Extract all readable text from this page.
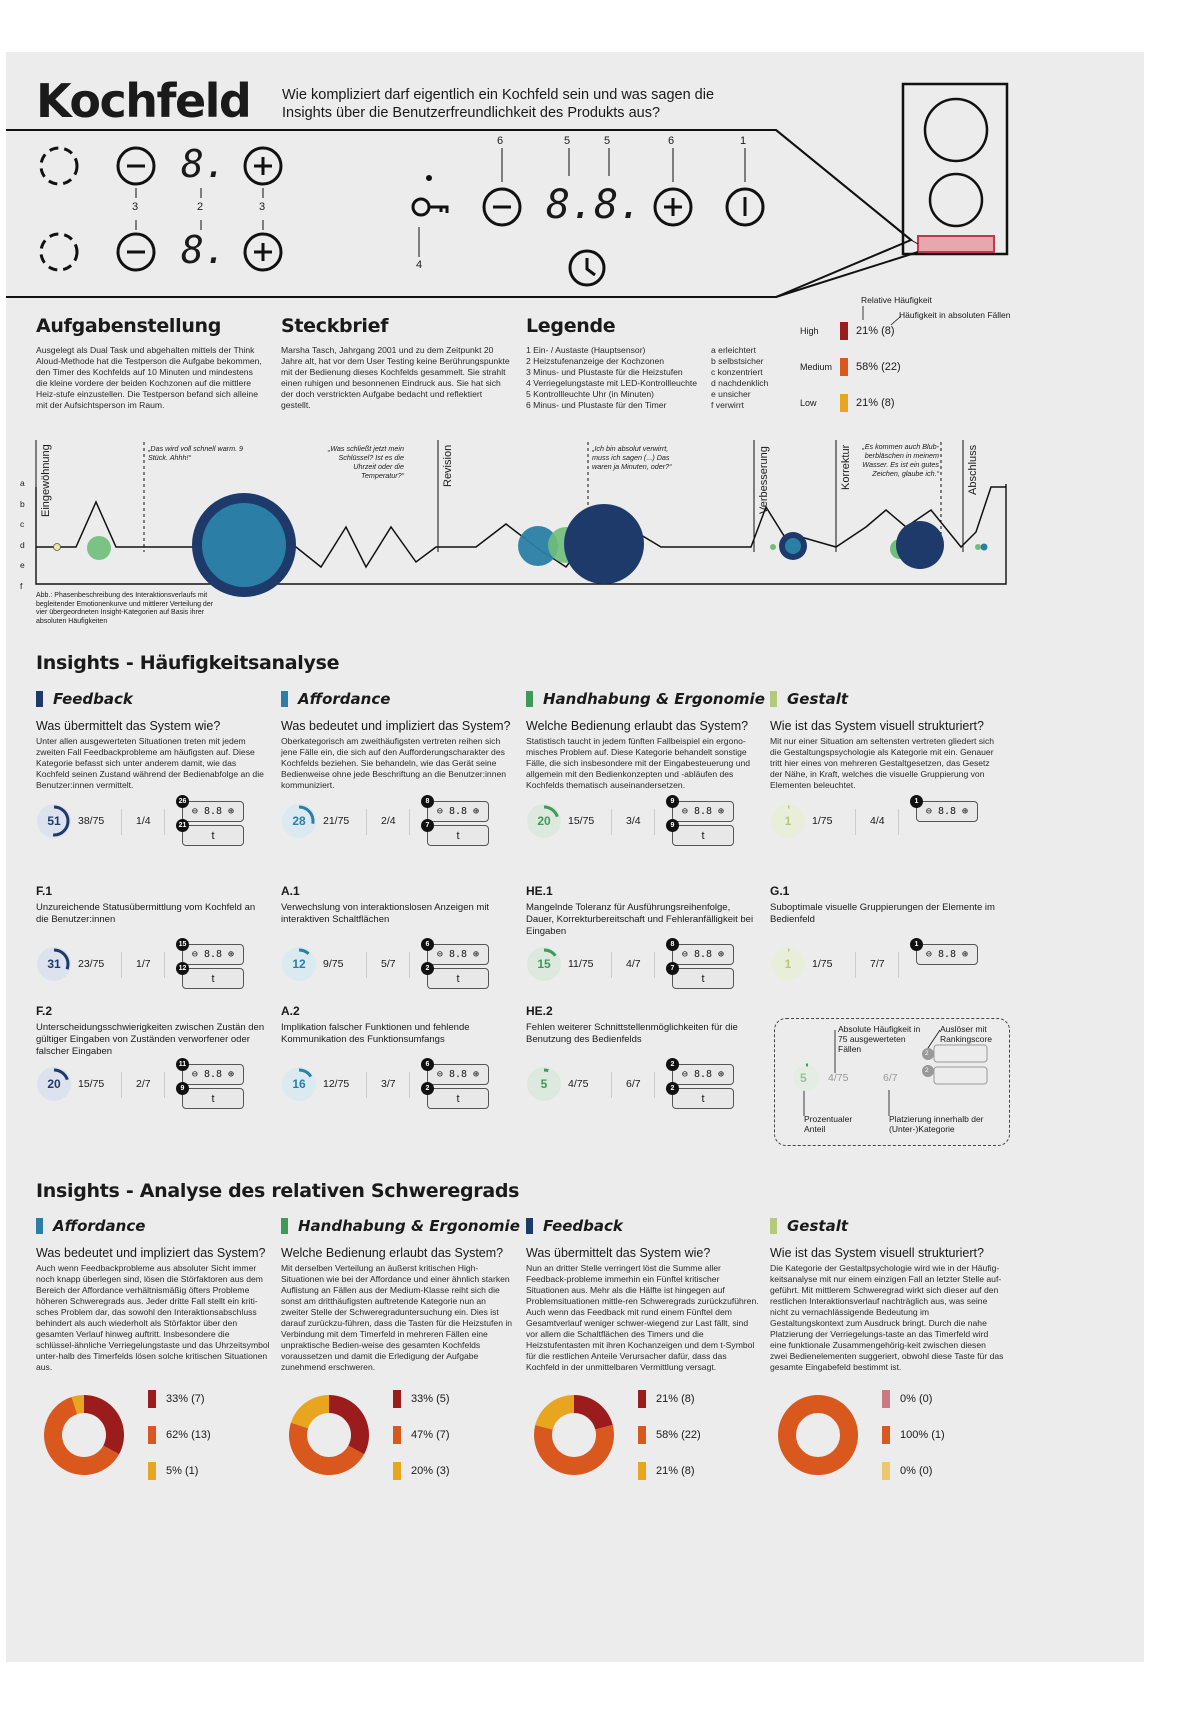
Kochfeld Wie kompliziert darf eigentlich ein Kochfeld sein und was sagen die Insights über die Benutzerfreundlichkeit des Produkts aus?
8.
8.
3	2	3
6	5	5	6	1
4
8.8.
Aufgabenstellung
Ausgelegt als Dual Task und abgehalten mittels der Think Aloud-Methode hat die Testperson die Aufgabe bekommen, den Timer des Kochfelds auf 10 Minuten und mindestens die kleine vordere der beiden Kochzonen auf die mittlere Heiz-stufe einzustellen. Die Testperson befand sich alleine mit der Aufsichtsperson im Raum.
Steckbrief
Marsha Tasch, Jahrgang 2001 und zu dem Zeitpunkt 20 Jahre alt, hat vor dem User Testing keine Berührungspunkte mit der Bedienung dieses Kochfelds gesammelt. Sie strahlt einen ruhigen und besonnenen Eindruck aus. Sie hat sich der doch verstrickten Aufgabe bedacht und reflektiert gestellt.
Legende
1 Ein- / Austaste (Hauptsensor)
2 Heizstufenanzeige der Kochzonen
3 Minus- und Plustaste für die Heizstufen
4 Verriegelungstaste mit LED-Kontrollleuchte
5 Kontrollleuchte Uhr (in Minuten)
6 Minus- und Plustaste für den Timer
a erleichtert
b selbstsicher
c konzentriert
d nachdenklich
e unsicher
f verwirrt
Relative Häufigkeit
Häufigkeit in absoluten Fällen
High	21% (8)
Medium	58% (22)
Low	21% (8)
a
b
c
d
e
f
Eingewöhnung	Revision	Verbesserung	Korrektur	Abschluss
„Das wird voll schnell warm. 9 Stück. Ahhh!“
„Was schließt jetzt mein Schlüssel? Ist es die Uhrzeit oder die Temperatur?“
„Ich bin absolut verwirrt, muss ich sagen (...) Das waren ja Minuten, oder?“
„Es kommen auch Blub-berbläschen in meinem Wasser. Es ist ein gutes Zeichen, glaube ich.“
Abb.: Phasenbeschreibung des Interaktionsverlaufs mit begleitender Emotionenkurve und mittlerer Verteilung der vier übergeordneten Insight-Kategorien auf Basis ihrer absoluten Häufigkeiten
Insights - Häufigkeitsanalyse
Feedback
Was übermittelt das System wie?
Unter allen ausgewerteten Situationen treten mit jedem zweiten Fall Feedbackprobleme am häufigsten auf. Diese Kategorie befasst sich unter anderem damit, wie das Kochfeld seinen Zustand während der Bedienabfolge an die Benutzer:innen vermittelt.
51	38/75	1/4
⊖ 8.8 ⊕
t
26
21
F.1
Unzureichende Statusübermittlung vom Kochfeld an die Benutzer:innen
31	23/75	1/7
⊖ 8.8 ⊕
t
15
12
F.2
Unterscheidungsschwierigkeiten zwischen Zustän den gültiger Eingaben von Zuständen verworfener oder falscher Eingaben
20	15/75	2/7
⊖ 8.8 ⊕
t
11
9
Affordance
Was bedeutet und impliziert das System?
Oberkategorisch am zweithäufigsten vertreten reihen sich jene Fälle ein, die sich auf den Aufforderungscharakter des Kochfelds beziehen. Sie behandeln, wie das Gerät seine Bedienweise ohne jede Beschriftung an die Benutzer:innen kommuniziert.
28	21/75	2/4
⊖ 8.8 ⊕
t
8
7
A.1
Verwechslung von interaktionslosen Anzeigen mit interaktiven Schaltflächen
12	9/75	5/7
⊖ 8.8 ⊕
t
6
2
A.2
Implikation falscher Funktionen und fehlende Kommunikation des Funktionsumfangs
16	12/75	3/7
⊖ 8.8 ⊕
t
6
2
Handhabung & Ergonomie
Welche Bedienung erlaubt das System?
Statistisch taucht in jedem fünften Fallbeispiel ein ergono-misches Problem auf. Diese Kategorie behandelt sonstige Fälle, die sich insbesondere mit der Eingabesteuerung und allgemein mit den Bedienkonzepten und -abläufen des Kochfelds thematisch auseinandersetzen.
20	15/75	3/4
⊖ 8.8 ⊕
t
9
9
HE.1
Mangelnde Toleranz für Ausführungsreihenfolge, Dauer, Korrekturbereitschaft und Fehleranfälligkeit bei Eingaben
15	11/75	4/7
⊖ 8.8 ⊕
t
8
7
HE.2
Fehlen weiterer Schnittstellenmöglichkeiten für die Benutzung des Bedienfelds
5	4/75	6/7
⊖ 8.8 ⊕
t
2
2
Gestalt
Wie ist das System visuell strukturiert?
Mit nur einer Situation am seltensten vertreten gliedert sich die Gestaltungspsychologie als Kategorie mit ein. Genauer tritt hier eines von mehreren Gestaltgesetzen, das Gesetz der Nähe, in Kraft, welches die visuelle Gruppierung von Elementen beleuchtet.
1	1/75	4/4
⊖ 8.8 ⊕
1
G.1
Suboptimale visuelle Gruppierungen der Elemente im Bedienfeld
1	1/75	7/7
⊖ 8.8 ⊕
1
Absolute Häufigkeit in 75 ausgewerteten Fällen
Auslöser mit Rankingscore
Prozentualer Anteil
Platzierung innerhalb der (Unter-)Kategorie
5 4/75	6/7
2
2
Insights - Analyse des relativen Schweregrads
Affordance
Was bedeutet und impliziert das System?
Auch wenn Feedbackprobleme aus absoluter Sicht immer noch knapp überlegen sind, lösen die Störfaktoren aus dem Bereich der Affordance verhältnismäßig öfters Probleme höheren Schweregrads aus. Jeder dritte Fall stellt ein kriti-sches Problem dar, das sowohl den Interaktionsabschluss behindert als auch wiederholt als Störfaktor über den gesamten Verlauf hinweg auftritt. Insbesondere die schlüssel-ähnliche Verriegelungstaste und das Uhrzeitsymbol unter-halb des Timerfelds lösen solche kritischen Situationen aus.
33% (7)
62% (13)
5% (1)
Handhabung & Ergonomie
Welche Bedienung erlaubt das System?
Mit derselben Verteilung an äußerst kritischen High-Situationen wie bei der Affordance und einer ähnlich starken Auflistung an Fällen aus der Medium-Klasse reiht sich die sonst am dritthäufigsten auftretende Kategorie nun an zweiter Stelle der Schweregraduntersuchung ein. Dies ist darauf zurückzu-führen, dass die Tasten für die Heizstufen in Verbindung mit dem Timerfeld in mehreren Fällen eine unpraktische Bedien-weise des gesamten Kochfelds voraussetzen und damit die Erledigung der Aufgabe zunehmend erschweren.
33% (5)
47% (7)
20% (3)
Feedback
Was übermittelt das System wie?
Nun an dritter Stelle verringert löst die Summe aller Feedback-probleme immerhin ein Fünftel kritischer Situationen aus. Mehr als die Hälfte ist hingegen auf Problemsituationen mittle-ren Schweregrads zurückzuführen. Auch wenn das Feedback mit rund einem Fünftel dem Gesamtverlauf weniger schwer-wiegend zur Last fällt, sind vor allem die Schaltflächen des Timers und die Heizstufentasten mit ihren Kochanzeigen und dem t-Symbol für die restlichen Anteile Verursacher dafür, dass das Kochfeld in der unmittelbaren Vermittlung versagt.
21% (8)
58% (22)
21% (8)
Gestalt
Wie ist das System visuell strukturiert?
Die Kategorie der Gestaltpsychologie wird wie in der Häufig-keitsanalyse mit nur einem einzigen Fall an letzter Stelle auf-geführt. Mit mittlerem Schweregrad wirkt sich dieser auf den restlichen Interaktionsverlauf nachträglich aus, was seine nicht zu vernachlässigende Bedeutung im Gestaltungskontext zum Ausdruck bringt. Durch die nahe Platzierung der Verriegelungs-taste an das Timerfeld wird eine funktionale Zusammengehörig-keit zwischen diesen zwei Bedienelementen suggeriert, obwohl diese Taste für das gesamte Eingabefeld bestimmt ist.
0% (0)
100% (1)
0% (0)
